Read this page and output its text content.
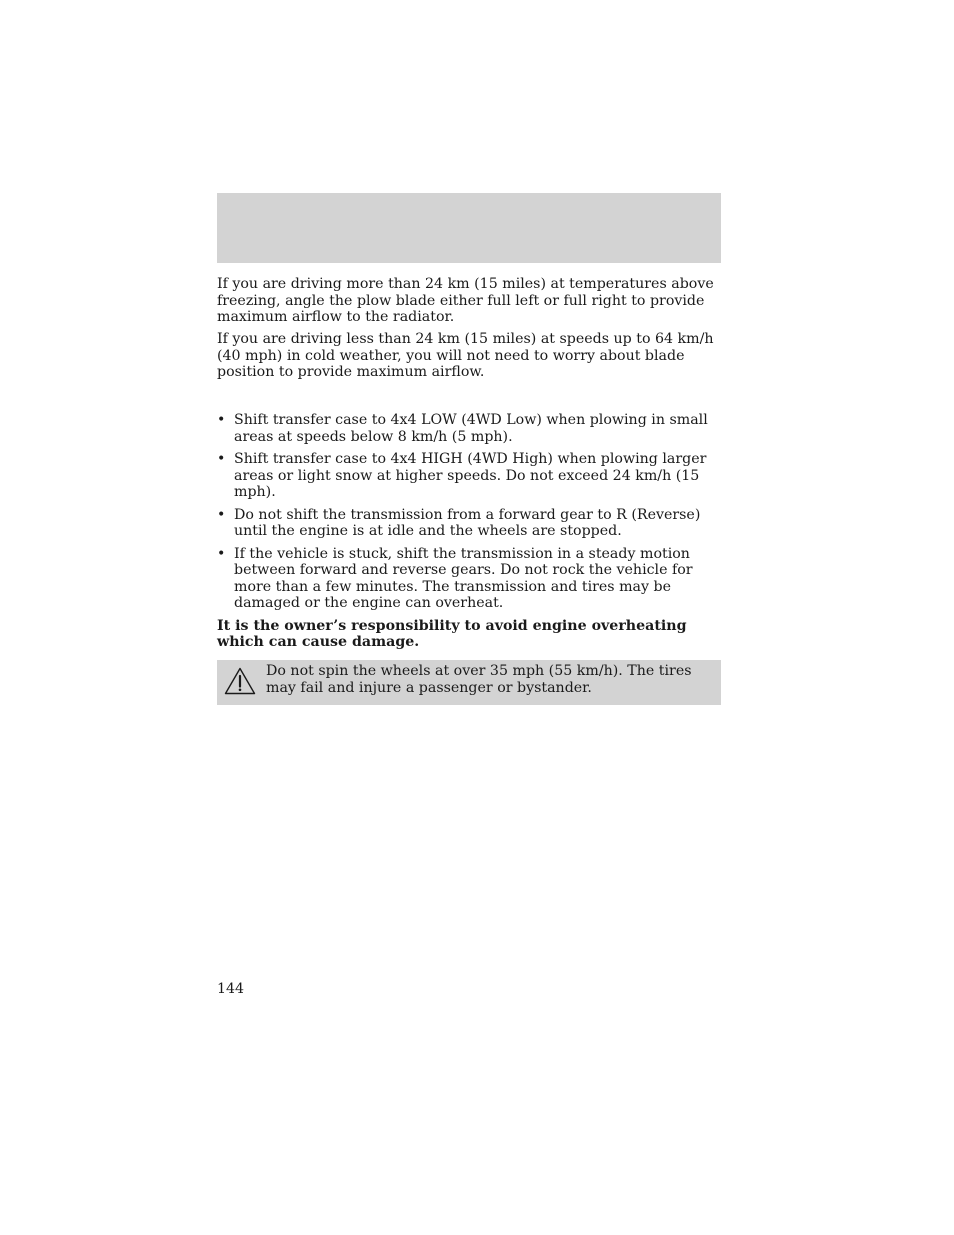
If you are driving more than 24 km (15 miles) at temperatures above freezing, angle the plow blade either full left or full right to provide maximum airflow to the radiator.

If you are driving less than 24 km (15 miles) at speeds up to 64 km/h (40 mph) in cold weather, you will not need to worry about blade position to provide maximum airflow.

• Shift transfer case to 4x4 LOW (4WD Low) when plowing in small areas at speeds below 8 km/h (5 mph).
• Shift transfer case to 4x4 HIGH (4WD High) when plowing larger areas or light snow at higher speeds. Do not exceed 24 km/h (15 mph).
• Do not shift the transmission from a forward gear to R (Reverse) until the engine is at idle and the wheels are stopped.
• If the vehicle is stuck, shift the transmission in a steady motion between forward and reverse gears. Do not rock the vehicle for more than a few minutes. The transmission and tires may be damaged or the engine can overheat.

It is the owner’s responsibility to avoid engine overheating which can cause damage.

Do not spin the wheels at over 35 mph (55 km/h). The tires may fail and injure a passenger or bystander.
144
